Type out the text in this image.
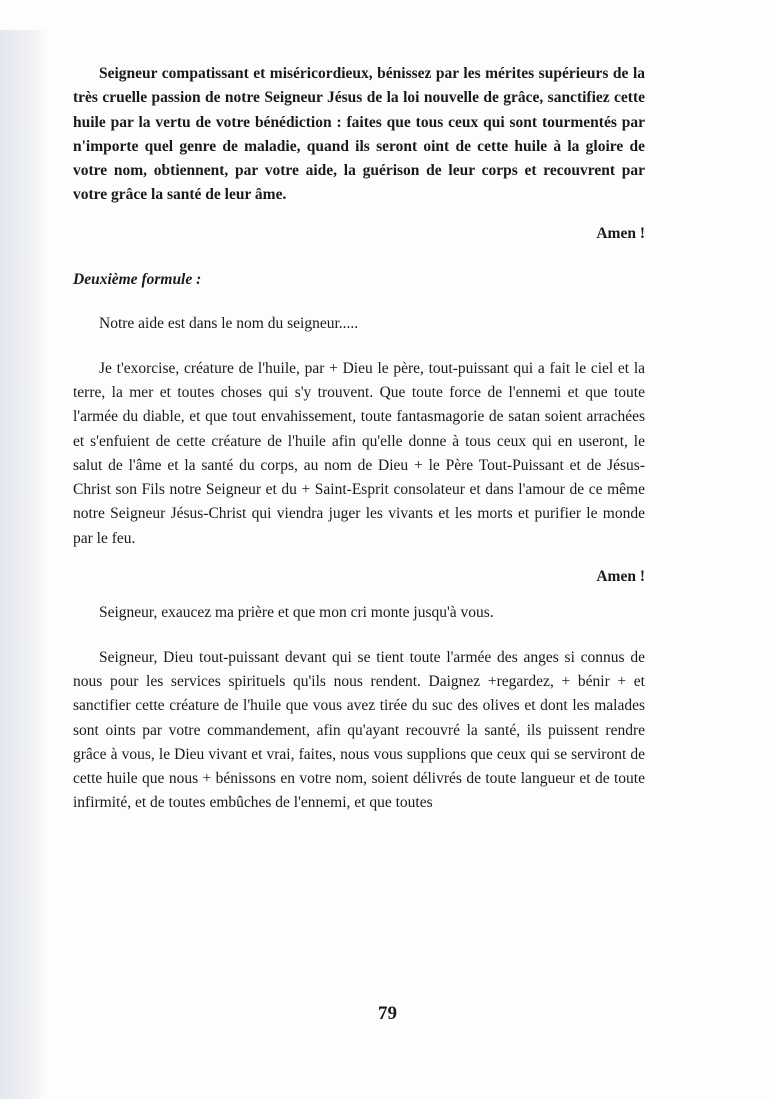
Seigneur compatissant et miséricordieux, bénissez par les mérites supérieurs de la très cruelle passion de notre Seigneur Jésus de la loi nouvelle de grâce, sanctifiez cette huile par la vertu de votre bénédiction : faites que tous ceux qui sont tourmentés par n'importe quel genre de maladie, quand ils seront oint de cette huile à la gloire de votre nom, obtiennent, par votre aide, la guérison de leur corps et recouvrent par votre grâce la santé de leur âme.

Amen !

Deuxième formule :

Notre aide est dans le nom du seigneur.....

Je t'exorcise, créature de l'huile, par + Dieu le père, tout-puissant qui a fait le ciel et la terre, la mer et toutes choses qui s'y trouvent. Que toute force de l'ennemi et que toute l'armée du diable, et que tout envahissement, toute fantasmagorie de satan soient arrachées et s'enfuient de cette créature de l'huile afin qu'elle donne à tous ceux qui en useront, le salut de l'âme et la santé du corps, au nom de Dieu + le Père Tout-Puissant et de Jésus-Christ son Fils notre Seigneur et du + Saint-Esprit consolateur et dans l'amour de ce même notre Seigneur Jésus-Christ qui viendra juger les vivants et les morts et purifier le monde par le feu.

Amen !

Seigneur, exaucez ma prière et que mon cri monte jusqu'à vous.

Seigneur, Dieu tout-puissant devant qui se tient toute l'armée des anges si connus de nous pour les services spirituels qu'ils nous rendent. Daignez +regardez, + bénir + et sanctifier cette créature de l'huile que vous avez tirée du suc des olives et dont les malades sont oints par votre commandement, afin qu'ayant recouvré la santé, ils puissent rendre grâce à vous, le Dieu vivant et vrai, faites, nous vous supplions que ceux qui se serviront de cette huile que nous + bénissons en votre nom, soient délivrés de toute langueur et de toute infirmité, et de toutes embûches de l'ennemi, et que toutes

79
